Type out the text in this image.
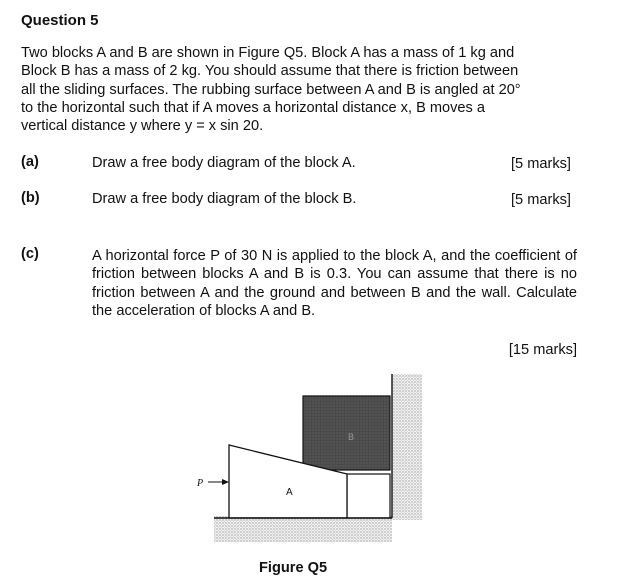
Question 5
Two blocks A and B are shown in Figure Q5. Block A has a mass of 1 kg and
Block B has a mass of 2 kg. You should assume that there is friction between
all the sliding surfaces. The rubbing surface between A and B is angled at 20°
to the horizontal such that if A moves a horizontal distance x, B moves a
vertical distance y where y = x sin 20.
(a)	Draw a free body diagram of the block A.	[5 marks]
(b)	Draw a free body diagram of the block B.	[5 marks]
(c)	A horizontal force P of 30 N is applied to the block A, and the coefficient of friction between blocks A and B is 0.3. You can assume that there is no friction between A and the ground and between B and the wall. Calculate the acceleration of blocks A and B.
[15 marks]
P
A
B
Figure Q5
